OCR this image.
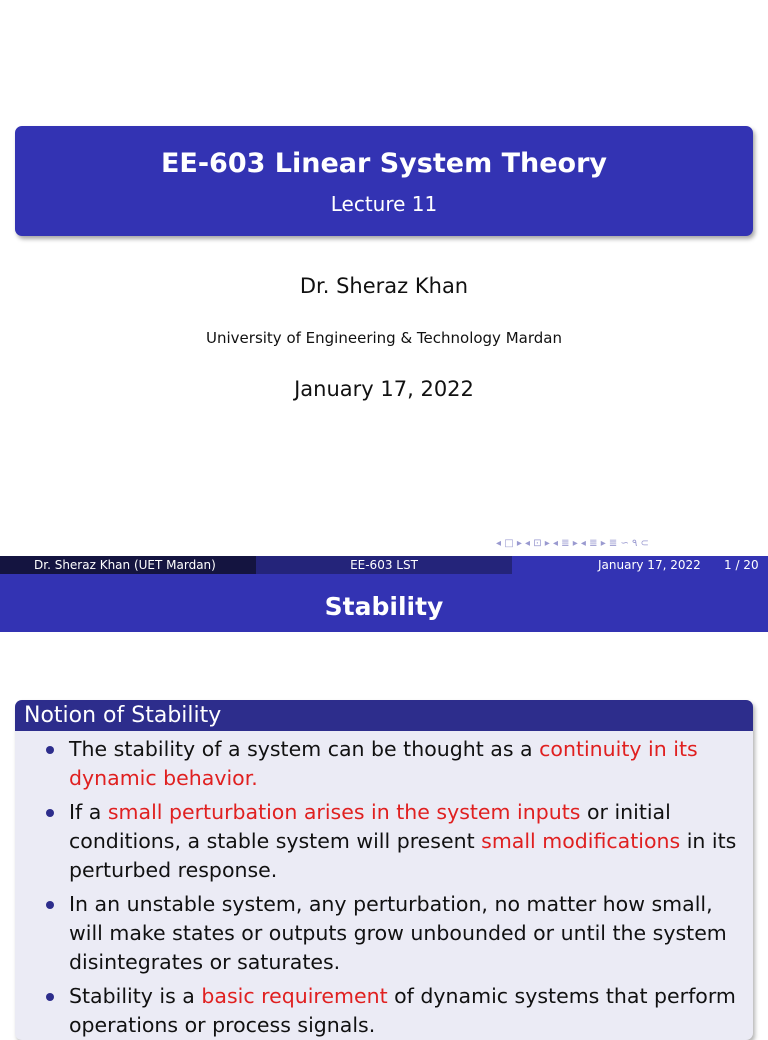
EE-603 Linear System Theory
Lecture 11
Dr. Sheraz Khan
University of Engineering & Technology Mardan
January 17, 2022
◂ □ ▸ ◂ ⊡ ▸ ◂ ≣ ▸ ◂ ≣ ▸ ≣ ∽ ۹ ⊂
Dr. Sheraz Khan (UET Mardan)	EE-603 LST	January 17, 2022 1 / 20
Stability
Notion of Stability
The stability of a system can be thought as a continuity in its dynamic behavior.
If a small perturbation arises in the system inputs or initial conditions, a stable system will present small modifications in its perturbed response.
In an unstable system, any perturbation, no matter how small, will make states or outputs grow unbounded or until the system disintegrates or saturates.
Stability is a basic requirement of dynamic systems that perform operations or process signals.
